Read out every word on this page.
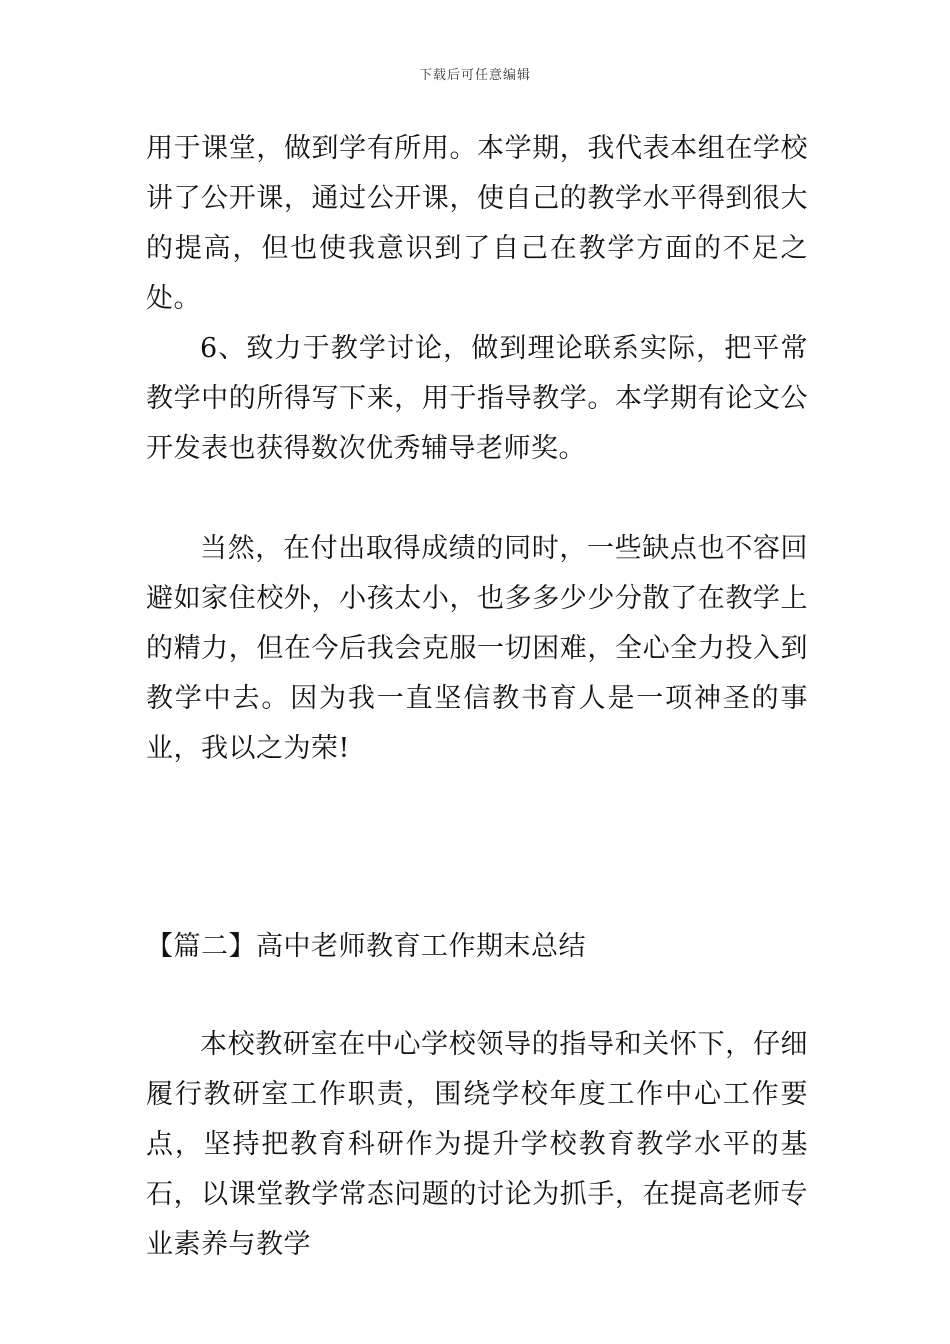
下载后可任意编辑

用于课堂，做到学有所用。本学期，我代表本组在学校讲了公开课，通过公开课，使自己的教学水平得到很大的提高，但也使我意识到了自己在教学方面的不足之处。

6、致力于教学讨论，做到理论联系实际，把平常教学中的所得写下来，用于指导教学。本学期有论文公开发表也获得数次优秀辅导老师奖。

当然，在付出取得成绩的同时，一些缺点也不容回避如家住校外，小孩太小，也多多少少分散了在教学上的精力，但在今后我会克服一切困难，全心全力投入到教学中去。因为我一直坚信教书育人是一项神圣的事业，我以之为荣!

【篇二】高中老师教育工作期末总结

本校教研室在中心学校领导的指导和关怀下，仔细履行教研室工作职责，围绕学校年度工作中心工作要点，坚持把教育科研作为提升学校教育教学水平的基石，以课堂教学常态问题的讨论为抓手，在提高老师专业素养与教学
